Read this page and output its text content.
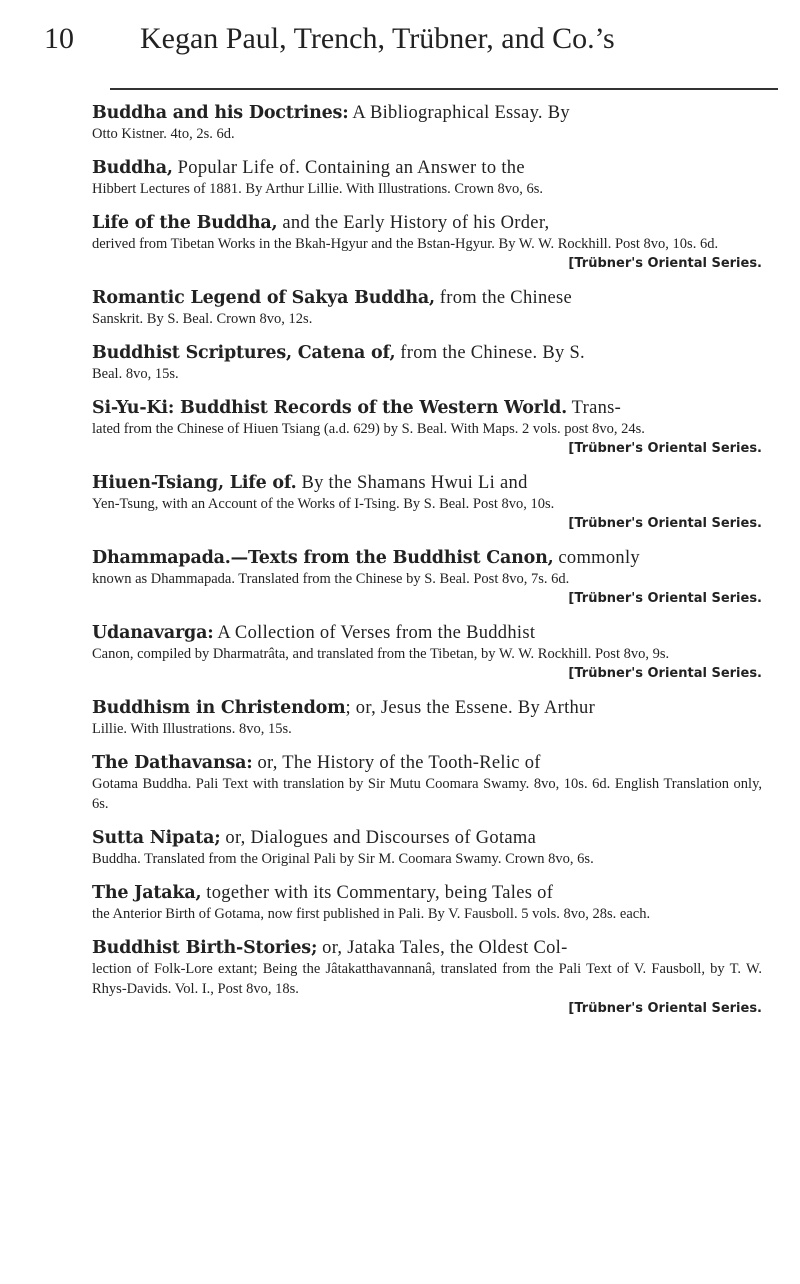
10 Kegan Paul, Trench, Trübner, and Co.’s
Buddha and his Doctrines: A Bibliographical Essay. By
Otto Kistner. 4to, 2s. 6d.
Buddha, Popular Life of. Containing an Answer to the
Hibbert Lectures of 1881. By Arthur Lillie. With Illustrations. Crown 8vo, 6s.
Life of the Buddha, and the Early History of his Order,
derived from Tibetan Works in the Bkah-Hgyur and the Bstan-Hgyur. By W. W. Rockhill. Post 8vo, 10s. 6d.
[ Trübner's Oriental Series.
Romantic Legend of Sakya Buddha, from the Chinese
Sanskrit. By S. Beal. Crown 8vo, 12s.
Buddhist Scriptures, Catena of, from the Chinese. By S.
Beal. 8vo, 15s.
Si-Yu-Ki: Buddhist Records of the Western World. Trans-
lated from the Chinese of Hiuen Tsiang (a.d. 629) by S. Beal. With Maps. 2 vols. post 8vo, 24s.
[ Trübner's Oriental Series.
Hiuen-Tsiang, Life of. By the Shamans Hwui Li and
Yen-Tsung, with an Account of the Works of I-Tsing. By S. Beal. Post 8vo, 10s.
[ Trübner's Oriental Series.
Dhammapada.—Texts from the Buddhist Canon, commonly
known as Dhammapada. Translated from the Chinese by S. Beal. Post 8vo, 7s. 6d.
[ Trübner's Oriental Series.
Udanavarga: A Collection of Verses from the Buddhist
Canon, compiled by Dharmatrâta, and translated from the Tibetan, by W. W. Rockhill. Post 8vo, 9s.
[ Trübner's Oriental Series.
Buddhism in Christendom; or, Jesus the Essene. By Arthur
Lillie. With Illustrations. 8vo, 15s.
The Dathavansa: or, The History of the Tooth-Relic of
Gotama Buddha. Pali Text with translation by Sir Mutu Coomara Swamy. 8vo, 10s. 6d. English Translation only, 6s.
Sutta Nipata; or, Dialogues and Discourses of Gotama
Buddha. Translated from the Original Pali by Sir M. Coomara Swamy. Crown 8vo, 6s.
The Jataka, together with its Commentary, being Tales of
the Anterior Birth of Gotama, now first published in Pali. By V. Fausboll. 5 vols. 8vo, 28s. each.
Buddhist Birth-Stories; or, Jataka Tales, the Oldest Col-
lection of Folk-Lore extant; Being the Jâtakatthavannanâ, translated from the Pali Text of V. Fausboll, by T. W. Rhys-Davids. Vol. I., Post 8vo, 18s.
[ Trübner's Oriental Series.
